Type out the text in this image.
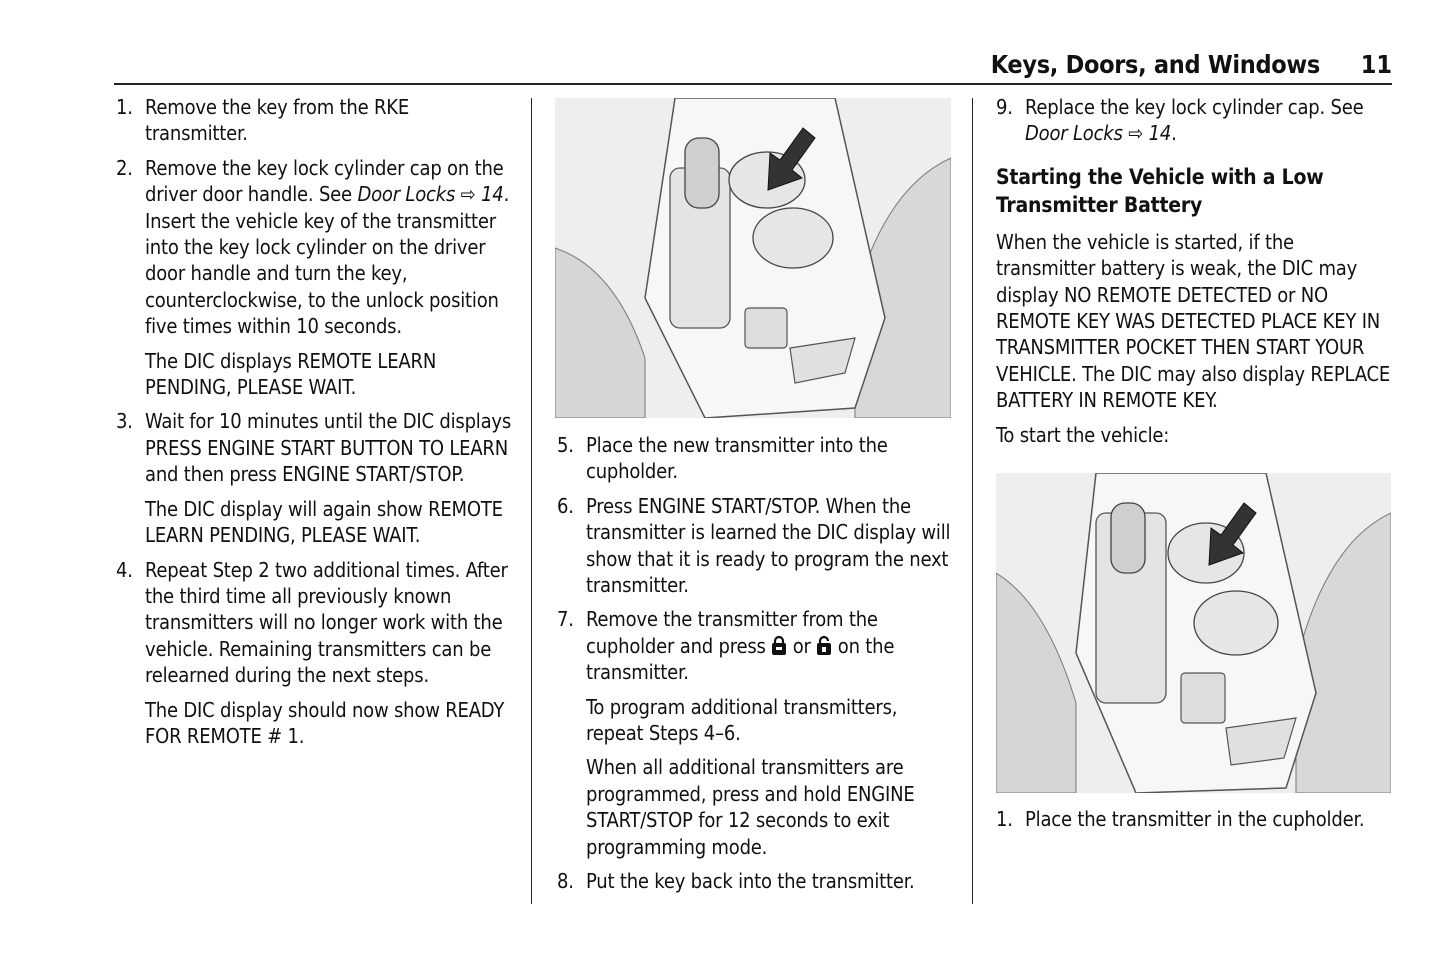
Keys, Doors, and Windows 11
1. Remove the key from the RKE transmitter.

2. Remove the key lock cylinder cap on the driver door handle. See Door Locks ⇨ 14. Insert the vehicle key of the transmitter into the key lock cylinder on the driver door handle and turn the key, counterclockwise, to the unlock position five times within 10 seconds.

The DIC displays REMOTE LEARN PENDING, PLEASE WAIT.

3. Wait for 10 minutes until the DIC displays PRESS ENGINE START BUTTON TO LEARN and then press ENGINE START/STOP.

The DIC display will again show REMOTE LEARN PENDING, PLEASE WAIT.

4. Repeat Step 2 two additional times. After the third time all previously known transmitters will no longer work with the vehicle. Remaining transmitters can be relearned during the next steps.

The DIC display should now show READY FOR REMOTE # 1.

5. Place the new transmitter into the cupholder.

6. Press ENGINE START/STOP. When the transmitter is learned the DIC display will show that it is ready to program the next transmitter.

7. Remove the transmitter from the cupholder and press  or  on the transmitter.

To program additional transmitters, repeat Steps 4–6.

When all additional transmitters are programmed, press and hold ENGINE START/STOP for 12 seconds to exit programming mode.

8. Put the key back into the transmitter.

9. Replace the key lock cylinder cap. See Door Locks ⇨ 14.

Starting the Vehicle with a Low Transmitter Battery

When the vehicle is started, if the transmitter battery is weak, the DIC may display NO REMOTE DETECTED or NO REMOTE KEY WAS DETECTED PLACE KEY IN TRANSMITTER POCKET THEN START YOUR VEHICLE. The DIC may also display REPLACE BATTERY IN REMOTE KEY.

To start the vehicle:

1. Place the transmitter in the cupholder.
